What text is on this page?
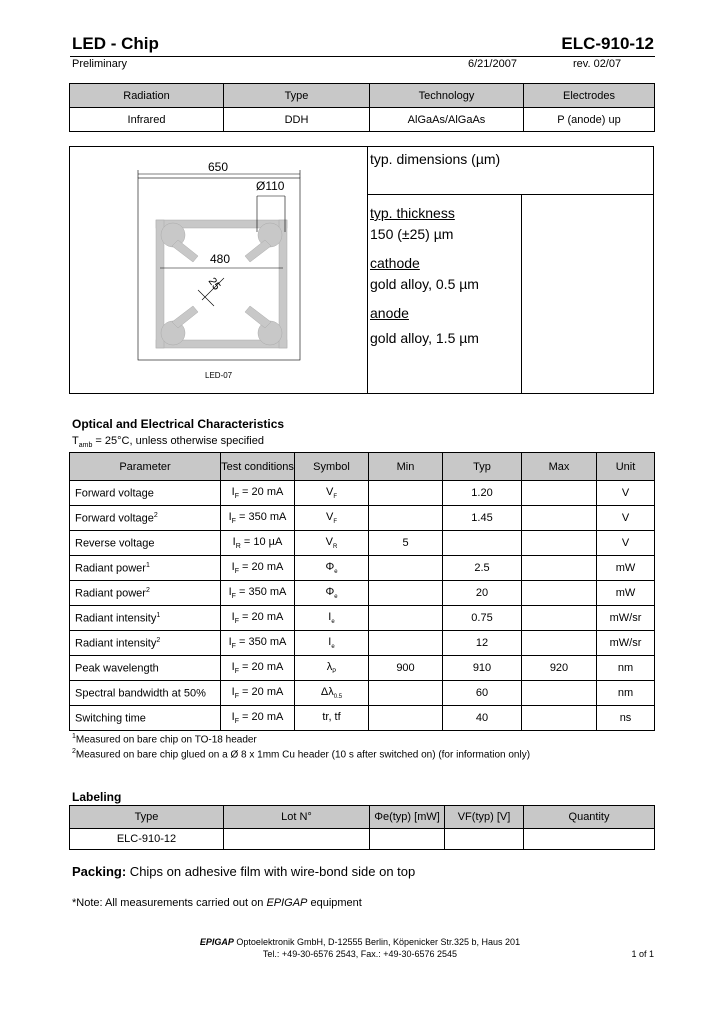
LED - Chip	ELC-910-12
Preliminary	6/21/2007	rev. 02/07
Radiation	Type	Technology	Electrodes
Infrared	DDH	AlGaAs/AlGaAs	P (anode) up
650
Ø110
480
25
LED-07
typ. dimensions (µm)
typ. thickness
150 (±25) µm
cathode
gold alloy, 0.5 µm
anode
gold alloy, 1.5 µm
Optical and Electrical Characteristics
$T_{amb} = 25^\circ C$, unless otherwise specified
Parameter	Test conditions	Symbol	Min	Typ	Max	Unit
Forward voltage	$I_F = 20$ mA	$V_F$		1.20		V
Forward voltage$^2$	$I_F = 350$ mA	$V_F$		1.45		V
Reverse voltage	$I_R = 10$ µA	$V_R$	5			V
Radiant power$^1$	$I_F = 20$ mA	$\Phi_e$		2.5		mW
Radiant power$^2$	$I_F = 350$ mA	$\Phi_e$		20		mW
Radiant intensity$^1$	$I_F = 20$ mA	$I_e$		0.75		mW/sr
Radiant intensity$^2$	$I_F = 350$ mA	$I_e$		12		mW/sr
Peak wavelength	$I_F = 20$ mA	$\lambda_P$	900	910	920	nm
Spectral bandwidth at 50%	$I_F = 20$ mA	$\Delta\lambda_{0.5}$		60		nm
Switching time	$I_F = 20$ mA	tr, tf		40		ns
$^1$Measured on bare chip on TO-18 header
$^2$Measured on bare chip glued on a Ø 8 x 1mm Cu header (10 s after switched on) (for information only)
Labeling
Type	Lot N°	Φe(typ) [mW]	VF(typ) [V]	Quantity
ELC-910-12				
Packing: Chips on adhesive film with wire-bond side on top
*Note: All measurements carried out on EPIGAP equipment
EPIGAP Optoelektronik GmbH, D-12555 Berlin, Köpenicker Str.325 b, Haus 201
Tel.: +49-30-6576 2543, Fax.: +49-30-6576 2545	1 of 1
